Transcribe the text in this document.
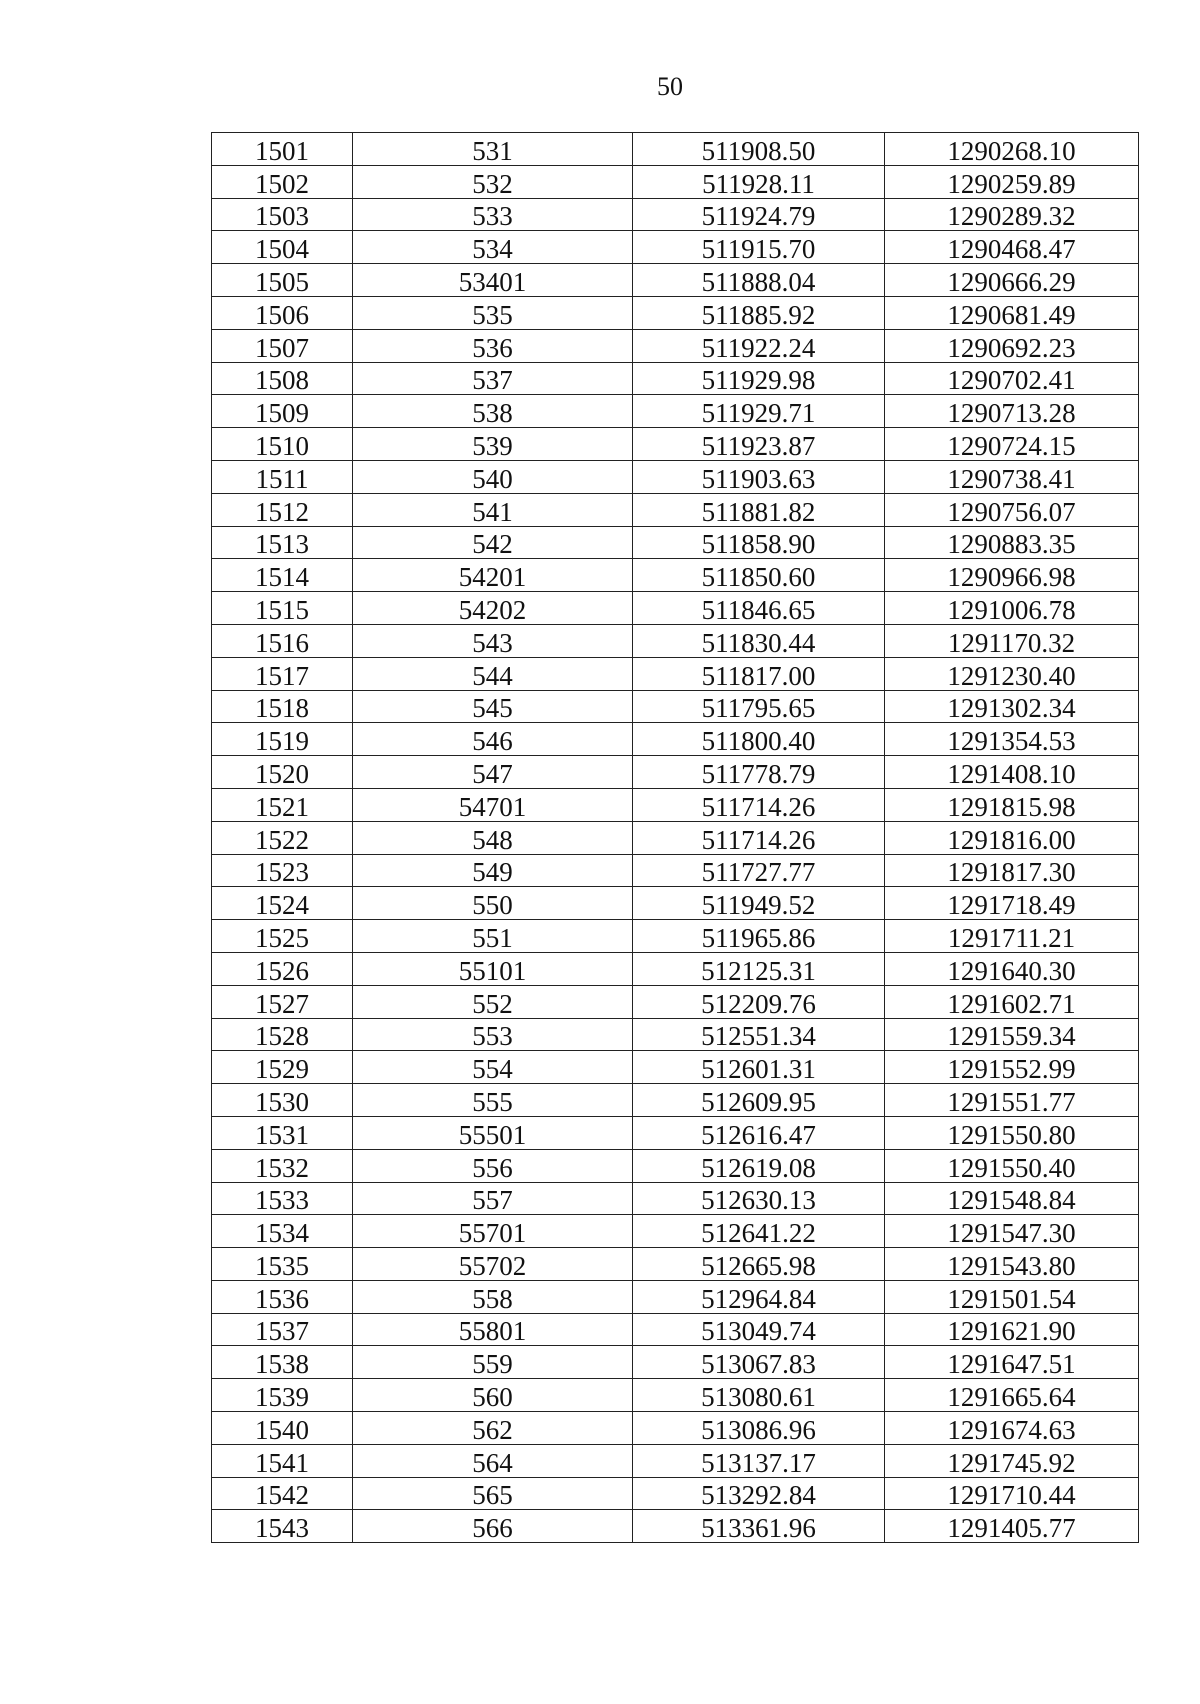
50
1501	531	511908.50	1290268.10
1502	532	511928.11	1290259.89
1503	533	511924.79	1290289.32
1504	534	511915.70	1290468.47
1505	53401	511888.04	1290666.29
1506	535	511885.92	1290681.49
1507	536	511922.24	1290692.23
1508	537	511929.98	1290702.41
1509	538	511929.71	1290713.28
1510	539	511923.87	1290724.15
1511	540	511903.63	1290738.41
1512	541	511881.82	1290756.07
1513	542	511858.90	1290883.35
1514	54201	511850.60	1290966.98
1515	54202	511846.65	1291006.78
1516	543	511830.44	1291170.32
1517	544	511817.00	1291230.40
1518	545	511795.65	1291302.34
1519	546	511800.40	1291354.53
1520	547	511778.79	1291408.10
1521	54701	511714.26	1291815.98
1522	548	511714.26	1291816.00
1523	549	511727.77	1291817.30
1524	550	511949.52	1291718.49
1525	551	511965.86	1291711.21
1526	55101	512125.31	1291640.30
1527	552	512209.76	1291602.71
1528	553	512551.34	1291559.34
1529	554	512601.31	1291552.99
1530	555	512609.95	1291551.77
1531	55501	512616.47	1291550.80
1532	556	512619.08	1291550.40
1533	557	512630.13	1291548.84
1534	55701	512641.22	1291547.30
1535	55702	512665.98	1291543.80
1536	558	512964.84	1291501.54
1537	55801	513049.74	1291621.90
1538	559	513067.83	1291647.51
1539	560	513080.61	1291665.64
1540	562	513086.96	1291674.63
1541	564	513137.17	1291745.92
1542	565	513292.84	1291710.44
1543	566	513361.96	1291405.77
